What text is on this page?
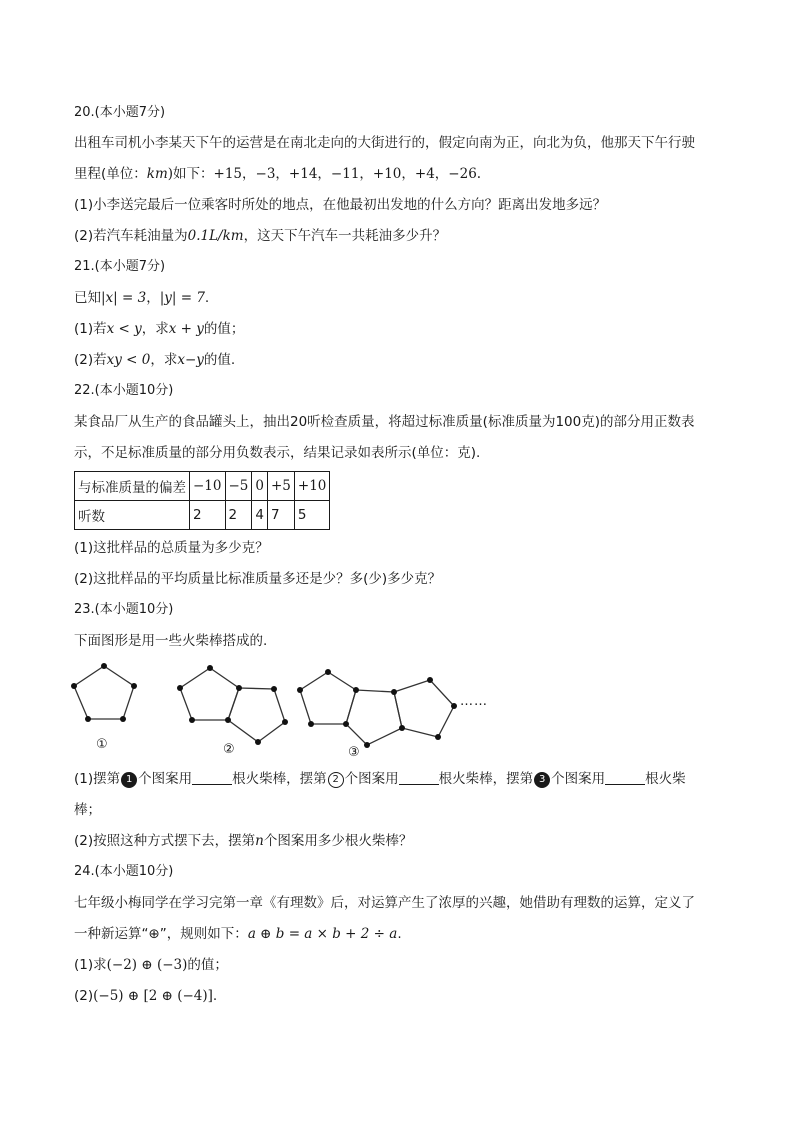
20.(本小题7分)
出租车司机小李某天下午的运营是在南北走向的大街进行的，假定向南为正，向北为负，他那天下午行驶
里程(单位：km)如下：+15，−3，+14，−11，+10，+4，−26.
(1)小李送完最后一位乘客时所处的地点，在他最初出发地的什么方向？距离出发地多远？
(2)若汽车耗油量为0.1L/km，这天下午汽车一共耗油多少升？
21.(本小题7分)
已知|x| = 3，|y| = 7.
(1)若x < y，求x + y的值；
(2)若xy < 0，求x−y的值.
22.(本小题10分)
某食品厂从生产的食品罐头上，抽出20听检查质量，将超过标准质量(标准质量为100克)的部分用正数表
示，不足标准质量的部分用负数表示，结果记录如表所示(单位：克).
与标准质量的偏差	−10	−5	0	+5	+10
听数	2	2	4	7	5
(1)这批样品的总质量为多少克？
(2)这批样品的平均质量比标准质量多还是少？多(少)多少克？
23.(本小题10分)
下面图形是用一些火柴棒搭成的.
……
①	②	③
(1)摆第 1 个图案用	根火柴棒，摆第 2 个图案用	根火柴棒，摆第 3 个图案用	根火柴
棒；
(2)按照这种方式摆下去，摆第n个图案用多少根火柴棒？
24.(本小题10分)
七年级小梅同学在学习完第一章《有理数》后，对运算产生了浓厚的兴趣，她借助有理数的运算，定义了
一种新运算“⊕”，规则如下：a ⊕ b = a × b + 2 ÷ a.
(1)求(−2) ⊕ (−3)的值；
(2)(−5) ⊕ [2 ⊕ (−4)].
